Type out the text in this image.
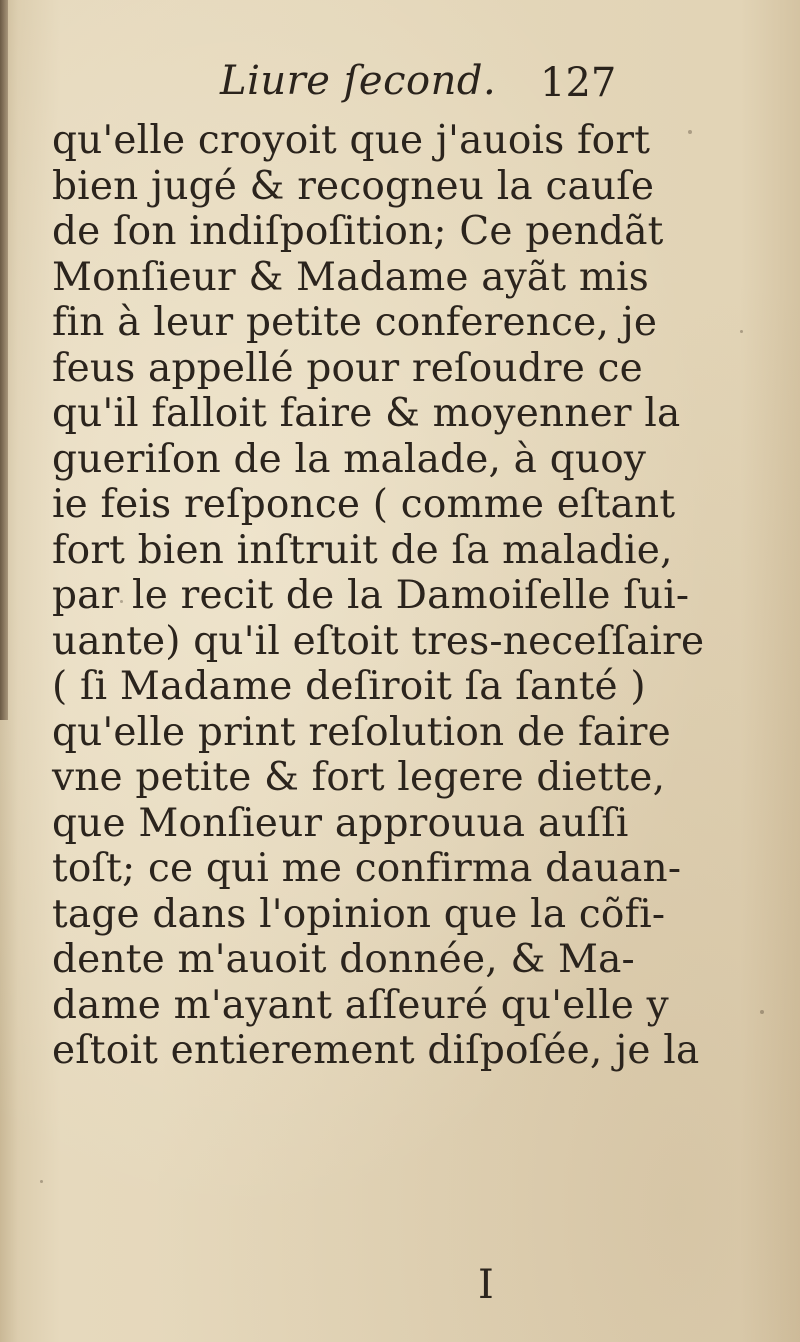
Liure ſecond. 127
qu'elle croyoit que j'auois fort
bien jugé & recogneu la cauſe
de ſon indiſpoſition; Ce pendãt
Monſieur & Madame ayãt mis
fin à leur petite conference, je
feus appellé pour reſoudre ce
qu'il falloit faire & moyenner la
gueriſon de la malade, à quoy
ie feis reſponce ( comme eſtant
fort bien inſtruit de ſa maladie,
par le recit de la Damoiſelle ſui-
uante) qu'il eſtoit tres-neceſſaire
( ſi Madame deſiroit ſa ſanté )
qu'elle print reſolution de faire
vne petite & fort legere diette,
que Monſieur approuua auſſi
toſt; ce qui me confirma dauan-
tage dans l'opinion que la cõfi-
dente m'auoit donnée, & Ma-
dame m'ayant aſſeuré qu'elle y
eſtoit entierement diſpoſée, je la
I
